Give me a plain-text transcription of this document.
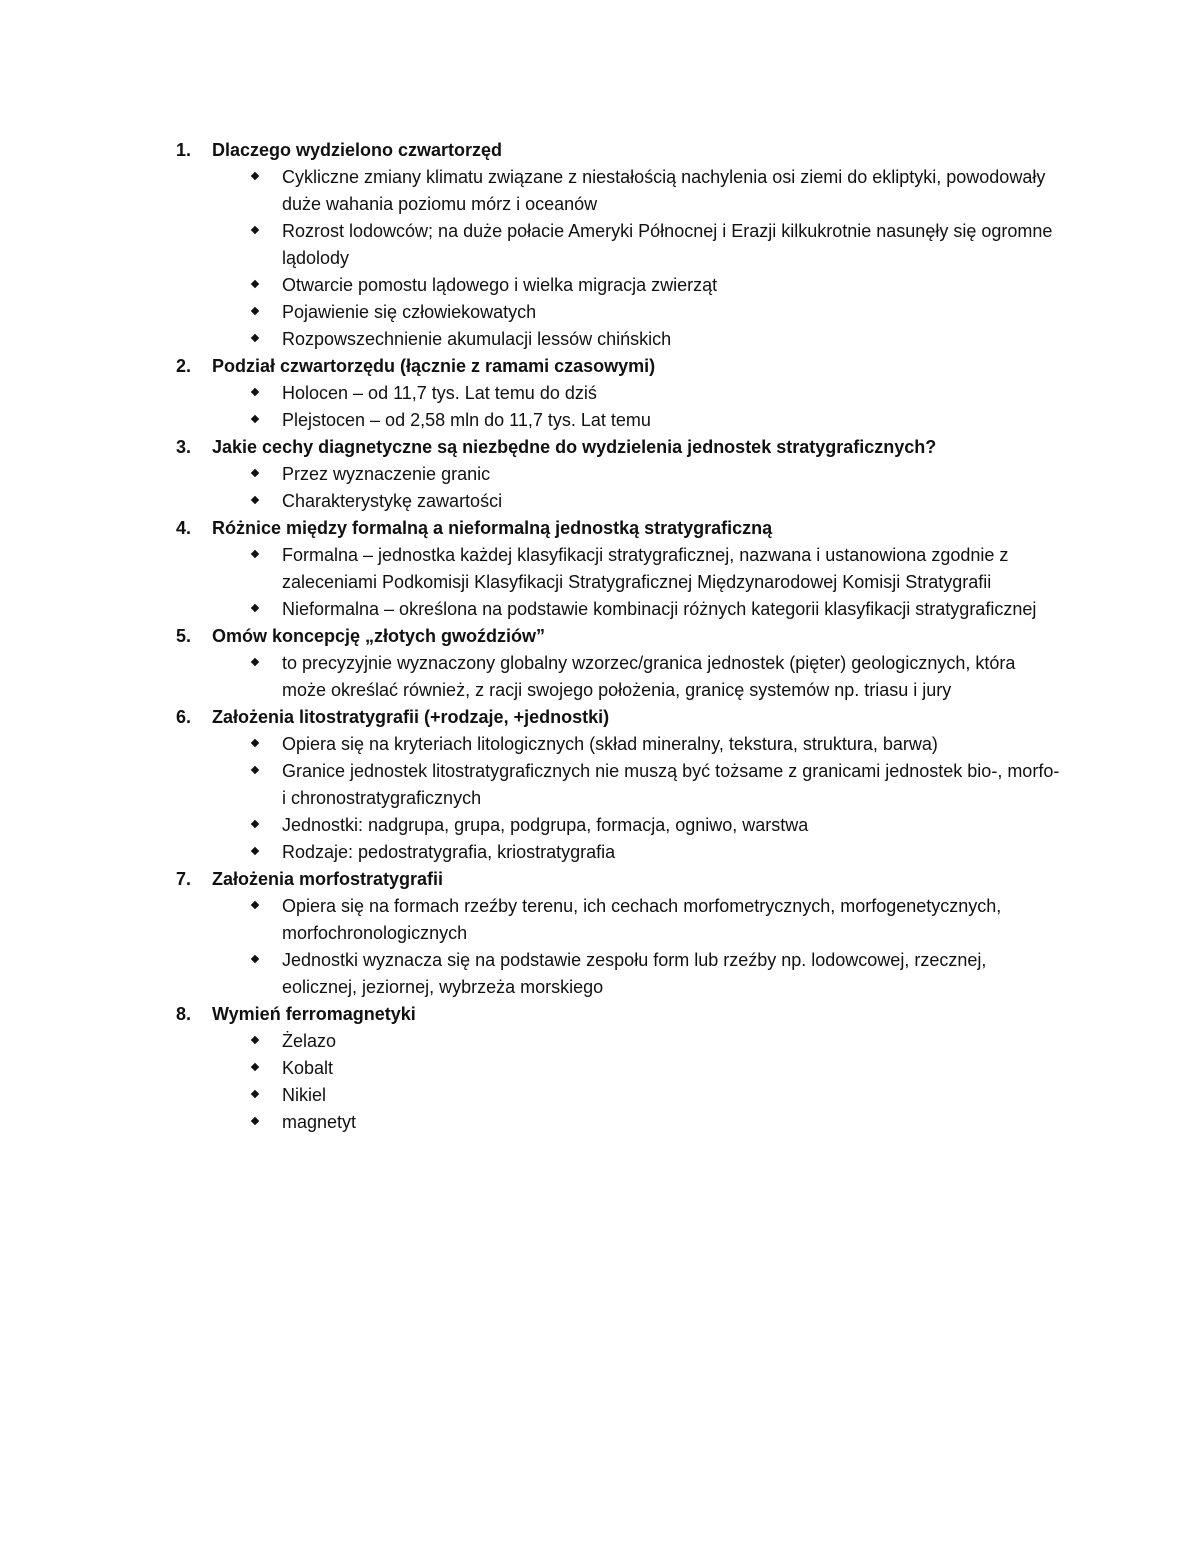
1.	Dlaczego wydzielono czwartorzęd
Cykliczne zmiany klimatu związane z niestałością nachylenia osi ziemi do ekliptyki, powodowały duże wahania poziomu mórz i oceanów
Rozrost lodowców; na duże połacie Ameryki Północnej i Erazji kilkukrotnie nasunęły się ogromne lądolody
Otwarcie pomostu lądowego i wielka migracja zwierząt
Pojawienie się człowiekowatych
Rozpowszechnienie akumulacji lessów chińskich
2.	Podział czwartorzędu (łącznie z ramami czasowymi)
Holocen – od 11,7 tys. Lat temu do dziś
Plejstocen – od 2,58 mln do 11,7 tys. Lat temu
3.	Jakie cechy diagnetyczne są niezbędne do wydzielenia jednostek stratygraficznych?
Przez wyznaczenie granic
Charakterystykę zawartości
4.	Różnice między formalną a nieformalną jednostką stratygraficzną
Formalna – jednostka każdej klasyfikacji stratygraficznej, nazwana i ustanowiona zgodnie z zaleceniami Podkomisji Klasyfikacji Stratygraficznej Międzynarodowej Komisji Stratygrafii
Nieformalna – określona na podstawie kombinacji różnych kategorii klasyfikacji stratygraficznej
5.	Omów koncepcję „złotych gwoździów”
to precyzyjnie wyznaczony globalny wzorzec/granica jednostek (pięter) geologicznych, która może określać również, z racji swojego położenia, granicę systemów np. triasu i jury
6.	Założenia litostratygrafii (+rodzaje, +jednostki)
Opiera się na kryteriach litologicznych (skład mineralny, tekstura, struktura, barwa)
Granice jednostek litostratygraficznych nie muszą być tożsame z granicami jednostek bio-, morfo- i chronostratygraficznych
Jednostki: nadgrupa, grupa, podgrupa, formacja, ogniwo, warstwa
Rodzaje: pedostratygrafia, kriostratygrafia
7.	Założenia morfostratygrafii
Opiera się na formach rzeźby terenu, ich cechach morfometrycznych, morfogenetycznych, morfochronologicznych
Jednostki wyznacza się na podstawie zespołu form lub rzeźby np. lodowcowej, rzecznej, eolicznej, jeziornej, wybrzeża morskiego
8.	Wymień ferromagnetyki
Żelazo
Kobalt
Nikiel
magnetyt
